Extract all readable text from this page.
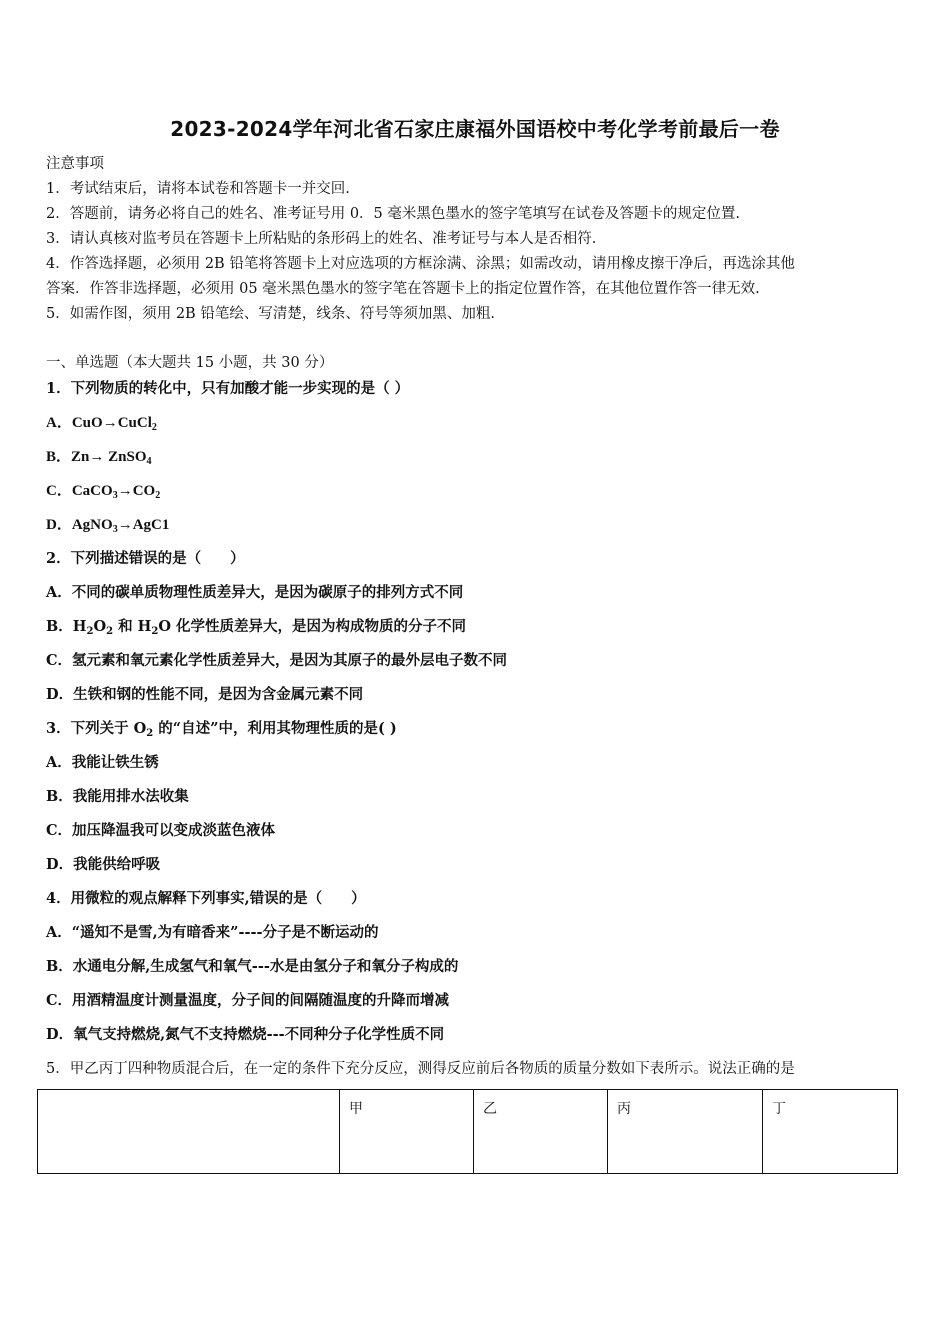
2023-2024学年河北省石家庄康福外国语校中考化学考前最后一卷
注意事项
1．考试结束后，请将本试卷和答题卡一并交回.
2．答题前，请务必将自己的姓名、准考证号用 0．5 毫米黑色墨水的签字笔填写在试卷及答题卡的规定位置.
3．请认真核对监考员在答题卡上所粘贴的条形码上的姓名、准考证号与本人是否相符.
4．作答选择题，必须用 2B 铅笔将答题卡上对应选项的方框涂满、涂黑；如需改动，请用橡皮擦干净后，再选涂其他
答案．作答非选择题，必须用 05 毫米黑色墨水的签字笔在答题卡上的指定位置作答，在其他位置作答一律无效.
5．如需作图，须用 2B 铅笔绘、写清楚，线条、符号等须加黑、加粗.
一、单选题（本大题共 15 小题，共 30 分）
1．下列物质的转化中，只有加酸才能一步实现的是（ ）
A．CuO→CuCl$_2$
B．Zn→ ZnSO$_4$
C．$CaCO_3\to CO_2$
D．AgNO$_3$→AgC1
2．下列描述错误的是（　　）
A．不同的碳单质物理性质差异大，是因为碳原子的排列方式不同
B．$H_2O_2$ 和 $H_2O$ 化学性质差异大，是因为构成物质的分子不同
C．氢元素和氧元素化学性质差异大，是因为其原子的最外层电子数不同
D．生铁和钢的性能不同，是因为含金属元素不同
3．下列关于 $O_2$ 的“自述”中，利用其物理性质的是( )
A．我能让铁生锈
B．我能用排水法收集
C．加压降温我可以变成淡蓝色液体
D．我能供给呼吸
4．用微粒的观点解释下列事实,错误的是（　　）
A．“遥知不是雪,为有暗香来”----分子是不断运动的
B．水通电分解,生成氢气和氧气---水是由氢分子和氧分子构成的
C．用酒精温度计测量温度，分子间的间隔随温度的升降而增减
D．氧气支持燃烧,氮气不支持燃烧---不同种分子化学性质不同
5．甲乙丙丁四种物质混合后，在一定的条件下充分反应，测得反应前后各物质的质量分数如下表所示。说法正确的是
	甲	乙	丙	丁
